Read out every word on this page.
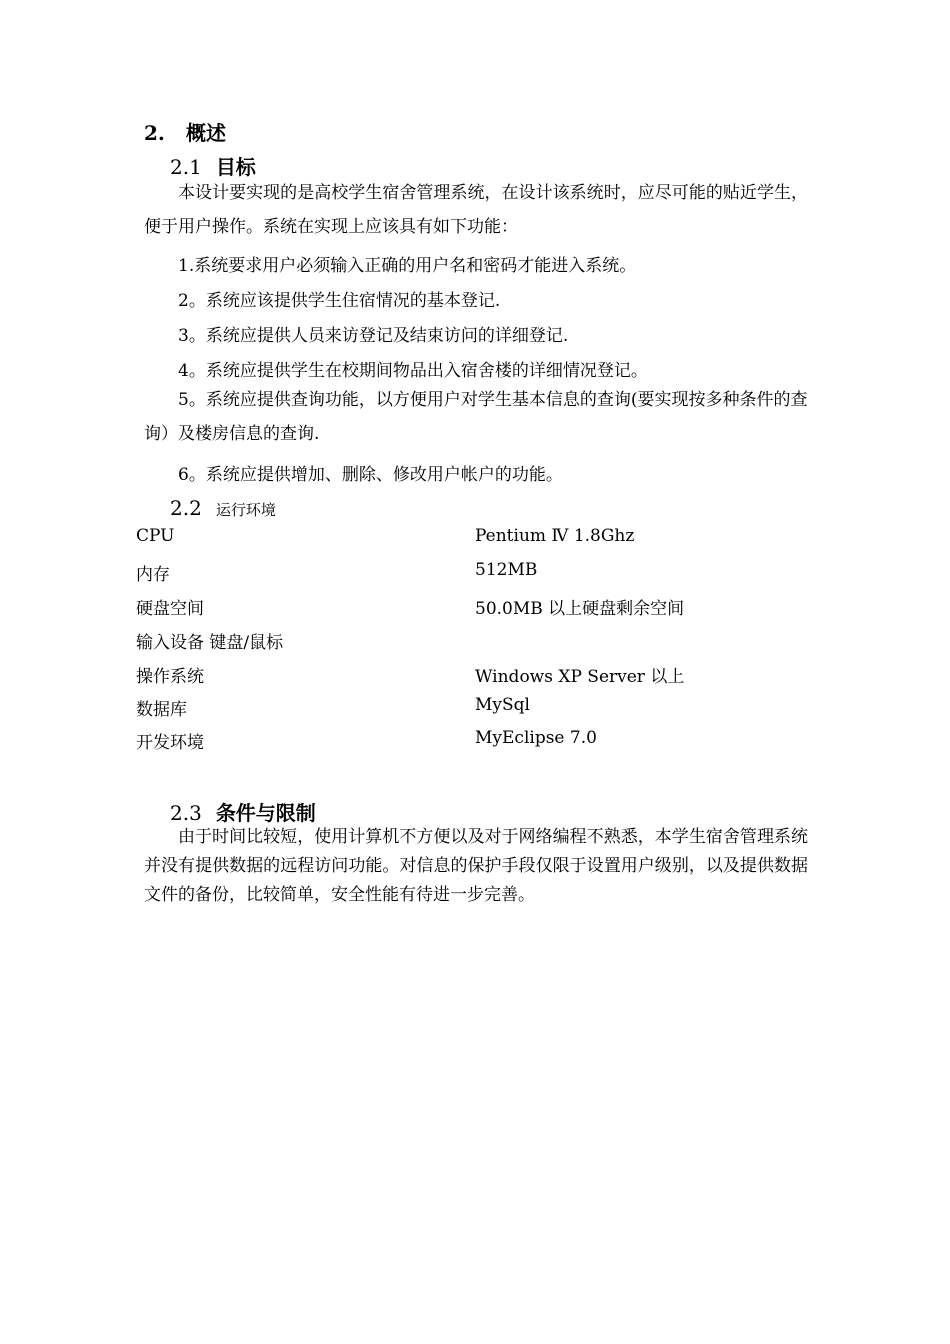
2. 概述
2.1 目标
本设计要实现的是高校学生宿舍管理系统，在设计该系统时，应尽可能的贴近学生，便于用户操作。系统在实现上应该具有如下功能：
1.系统要求用户必须输入正确的用户名和密码才能进入系统。
2。系统应该提供学生住宿情况的基本登记.
3。系统应提供人员来访登记及结束访问的详细登记.
4。系统应提供学生在校期间物品出入宿舍楼的详细情况登记。
5。系统应提供查询功能，以方便用户对学生基本信息的查询(要实现按多种条件的查询）及楼房信息的查询.
6。系统应提供增加、删除、修改用户帐户的功能。
2.2 运行环境
CPU	Pentium Ⅳ 1.8Ghz
内存	512MB
硬盘空间	50.0MB 以上硬盘剩余空间
输入设备 键盘/鼠标
操作系统	Windows XP Server 以上
数据库	MySql
开发环境	MyEclipse 7.0
2.3 条件与限制
由于时间比较短，使用计算机不方便以及对于网络编程不熟悉，本学生宿舍管理系统并没有提供数据的远程访问功能。对信息的保护手段仅限于设置用户级别，以及提供数据文件的备份，比较简单，安全性能有待进一步完善。
